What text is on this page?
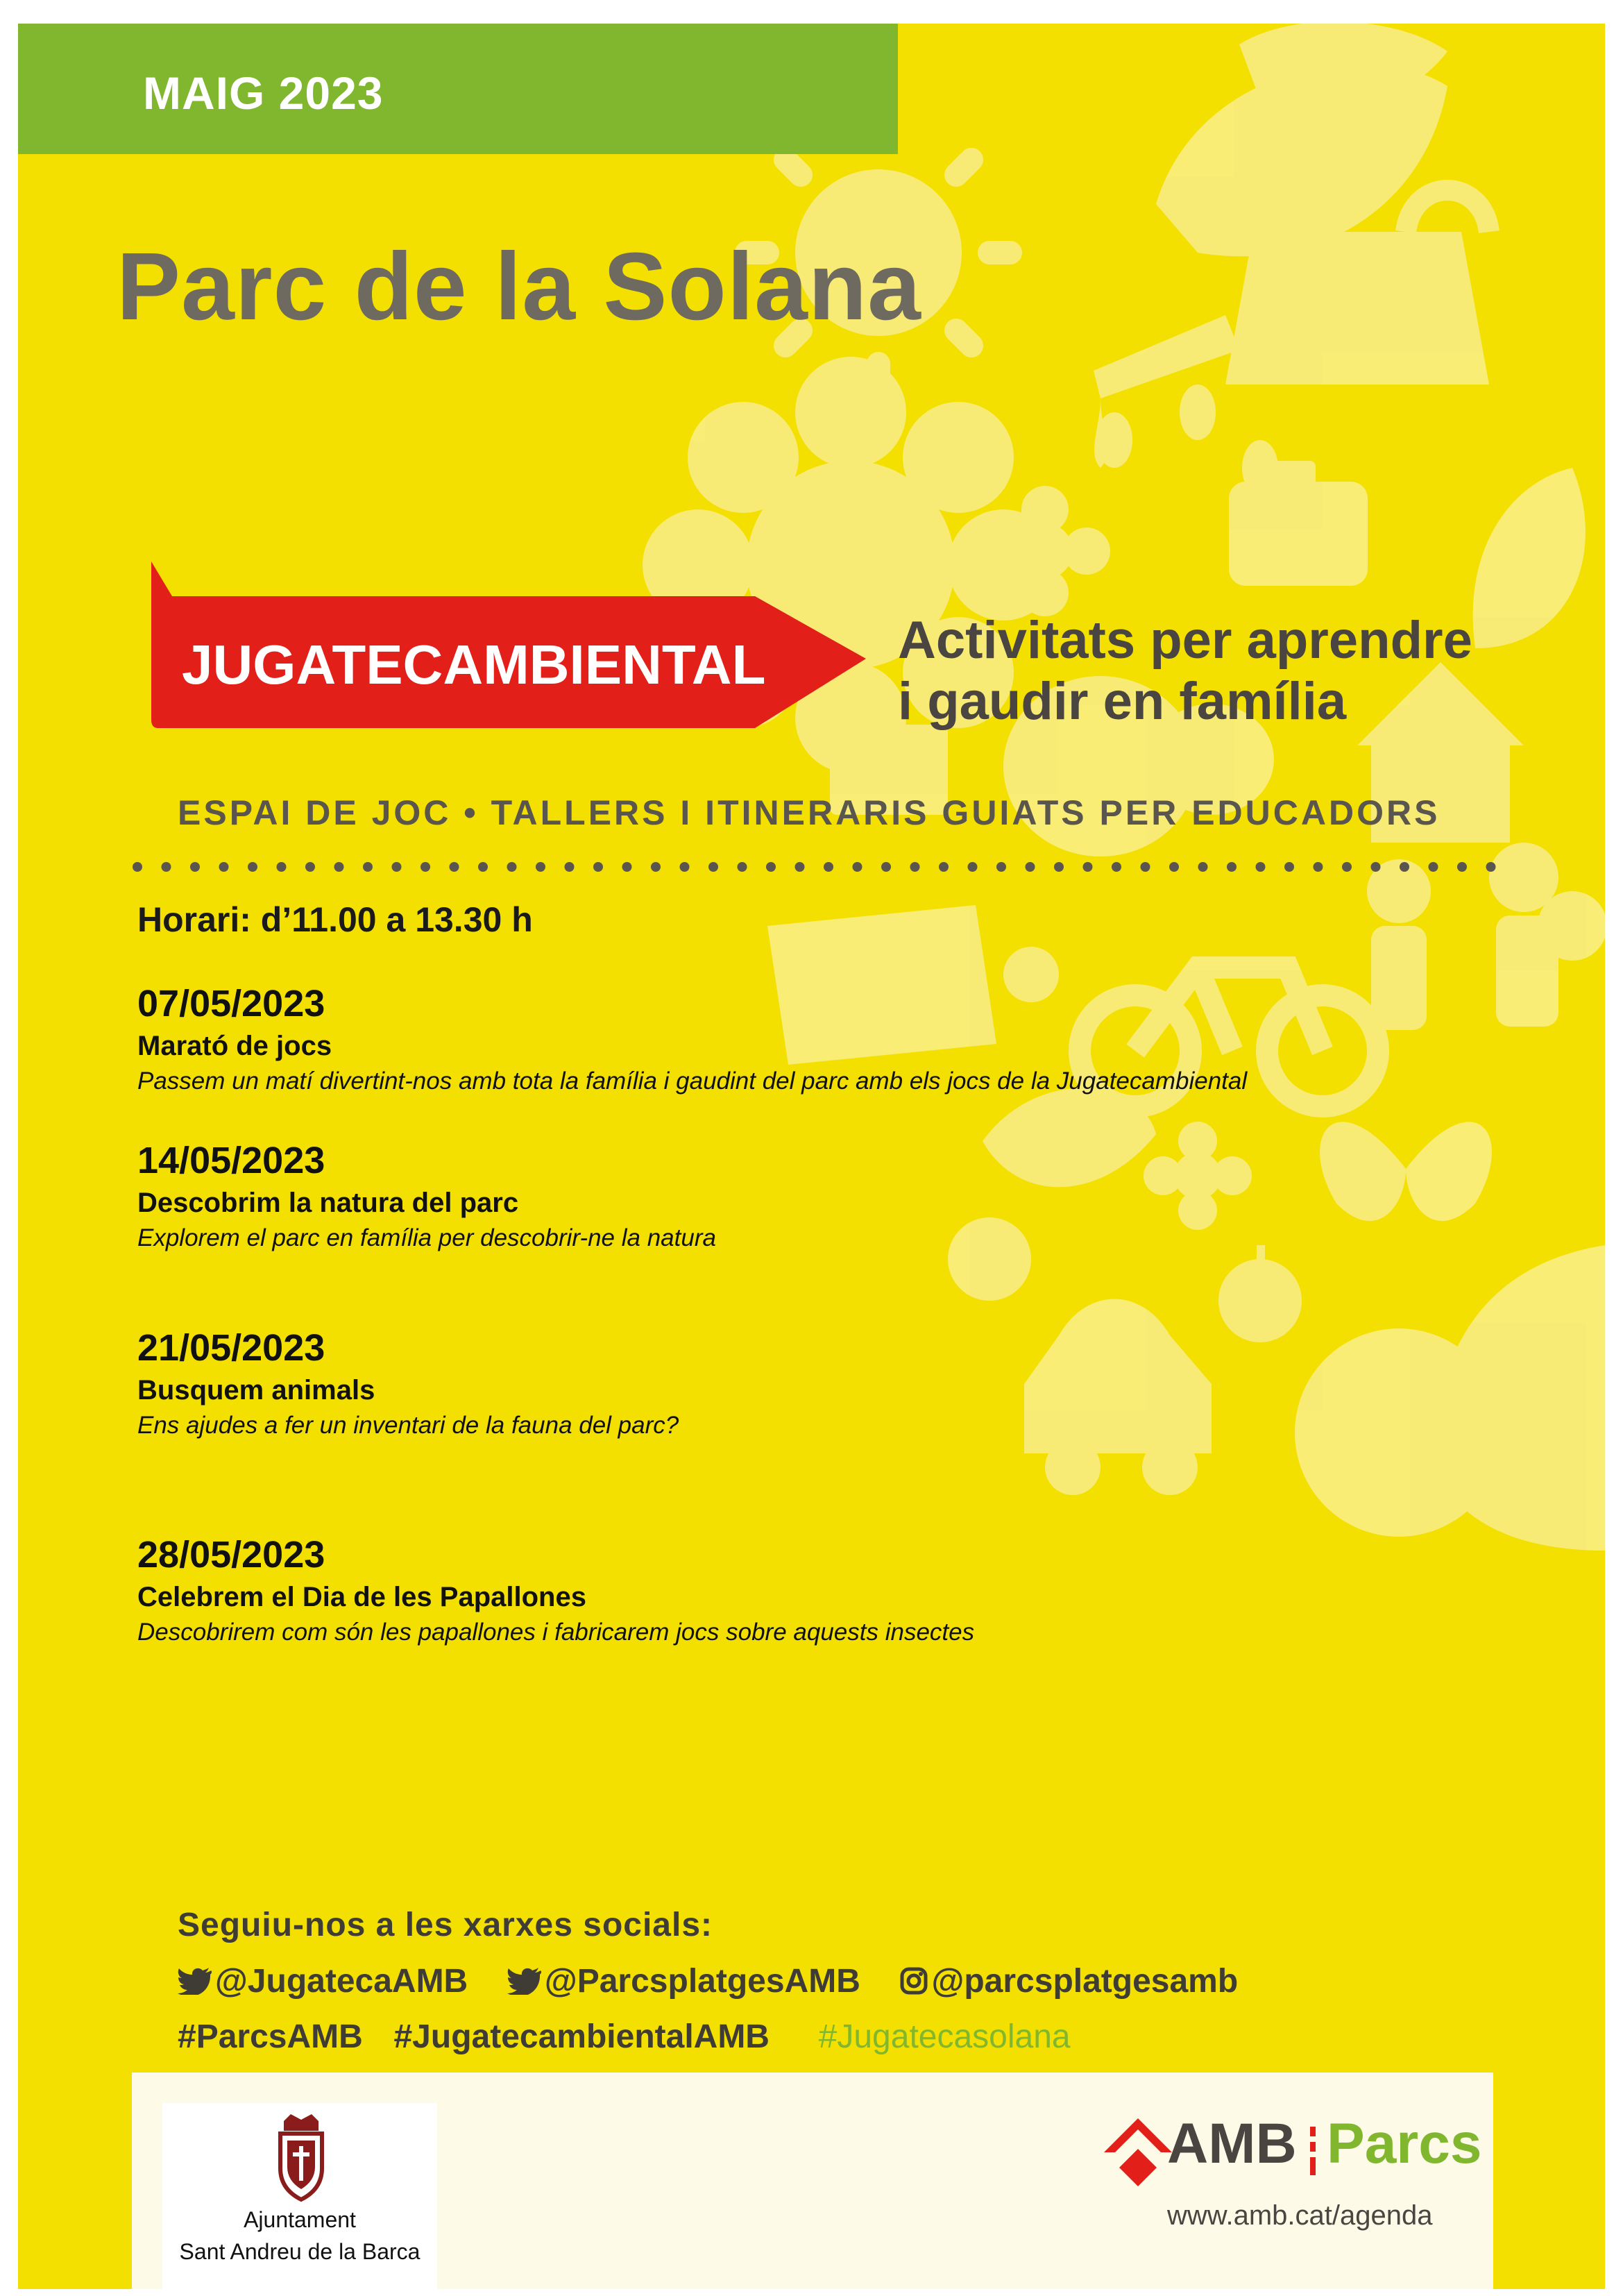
MAIG 2023
Parc de la Solana
JUGATECAMBIENTAL	Activitats per aprendre
i gaudir en família
ESPAI DE JOC • TALLERS I ITINERARIS GUIATS PER EDUCADORS
Horari: d’11.00 a 13.30 h
07/05/2023
Marató de jocs
Passem un matí divertint-nos amb tota la família i gaudint del parc amb els jocs de la Jugatecambiental
14/05/2023
Descobrim la natura del parc
Explorem el parc en família per descobrir-ne la natura
21/05/2023
Busquem animals
Ens ajudes a fer un inventari de la fauna del parc?
28/05/2023
Celebrem el Dia de les Papallones
Descobrirem com són les papallones i fabricarem jocs sobre aquests insectes
Seguiu-nos a les xarxes socials:
@JugatecaAMB @ParcsplatgesAMB @parcsplatgesamb
#ParcsAMB #JugatecambientalAMB #Jugatecasolana
Ajuntament
Sant Andreu de la Barca
AMB Parcs
www.amb.cat/agenda
